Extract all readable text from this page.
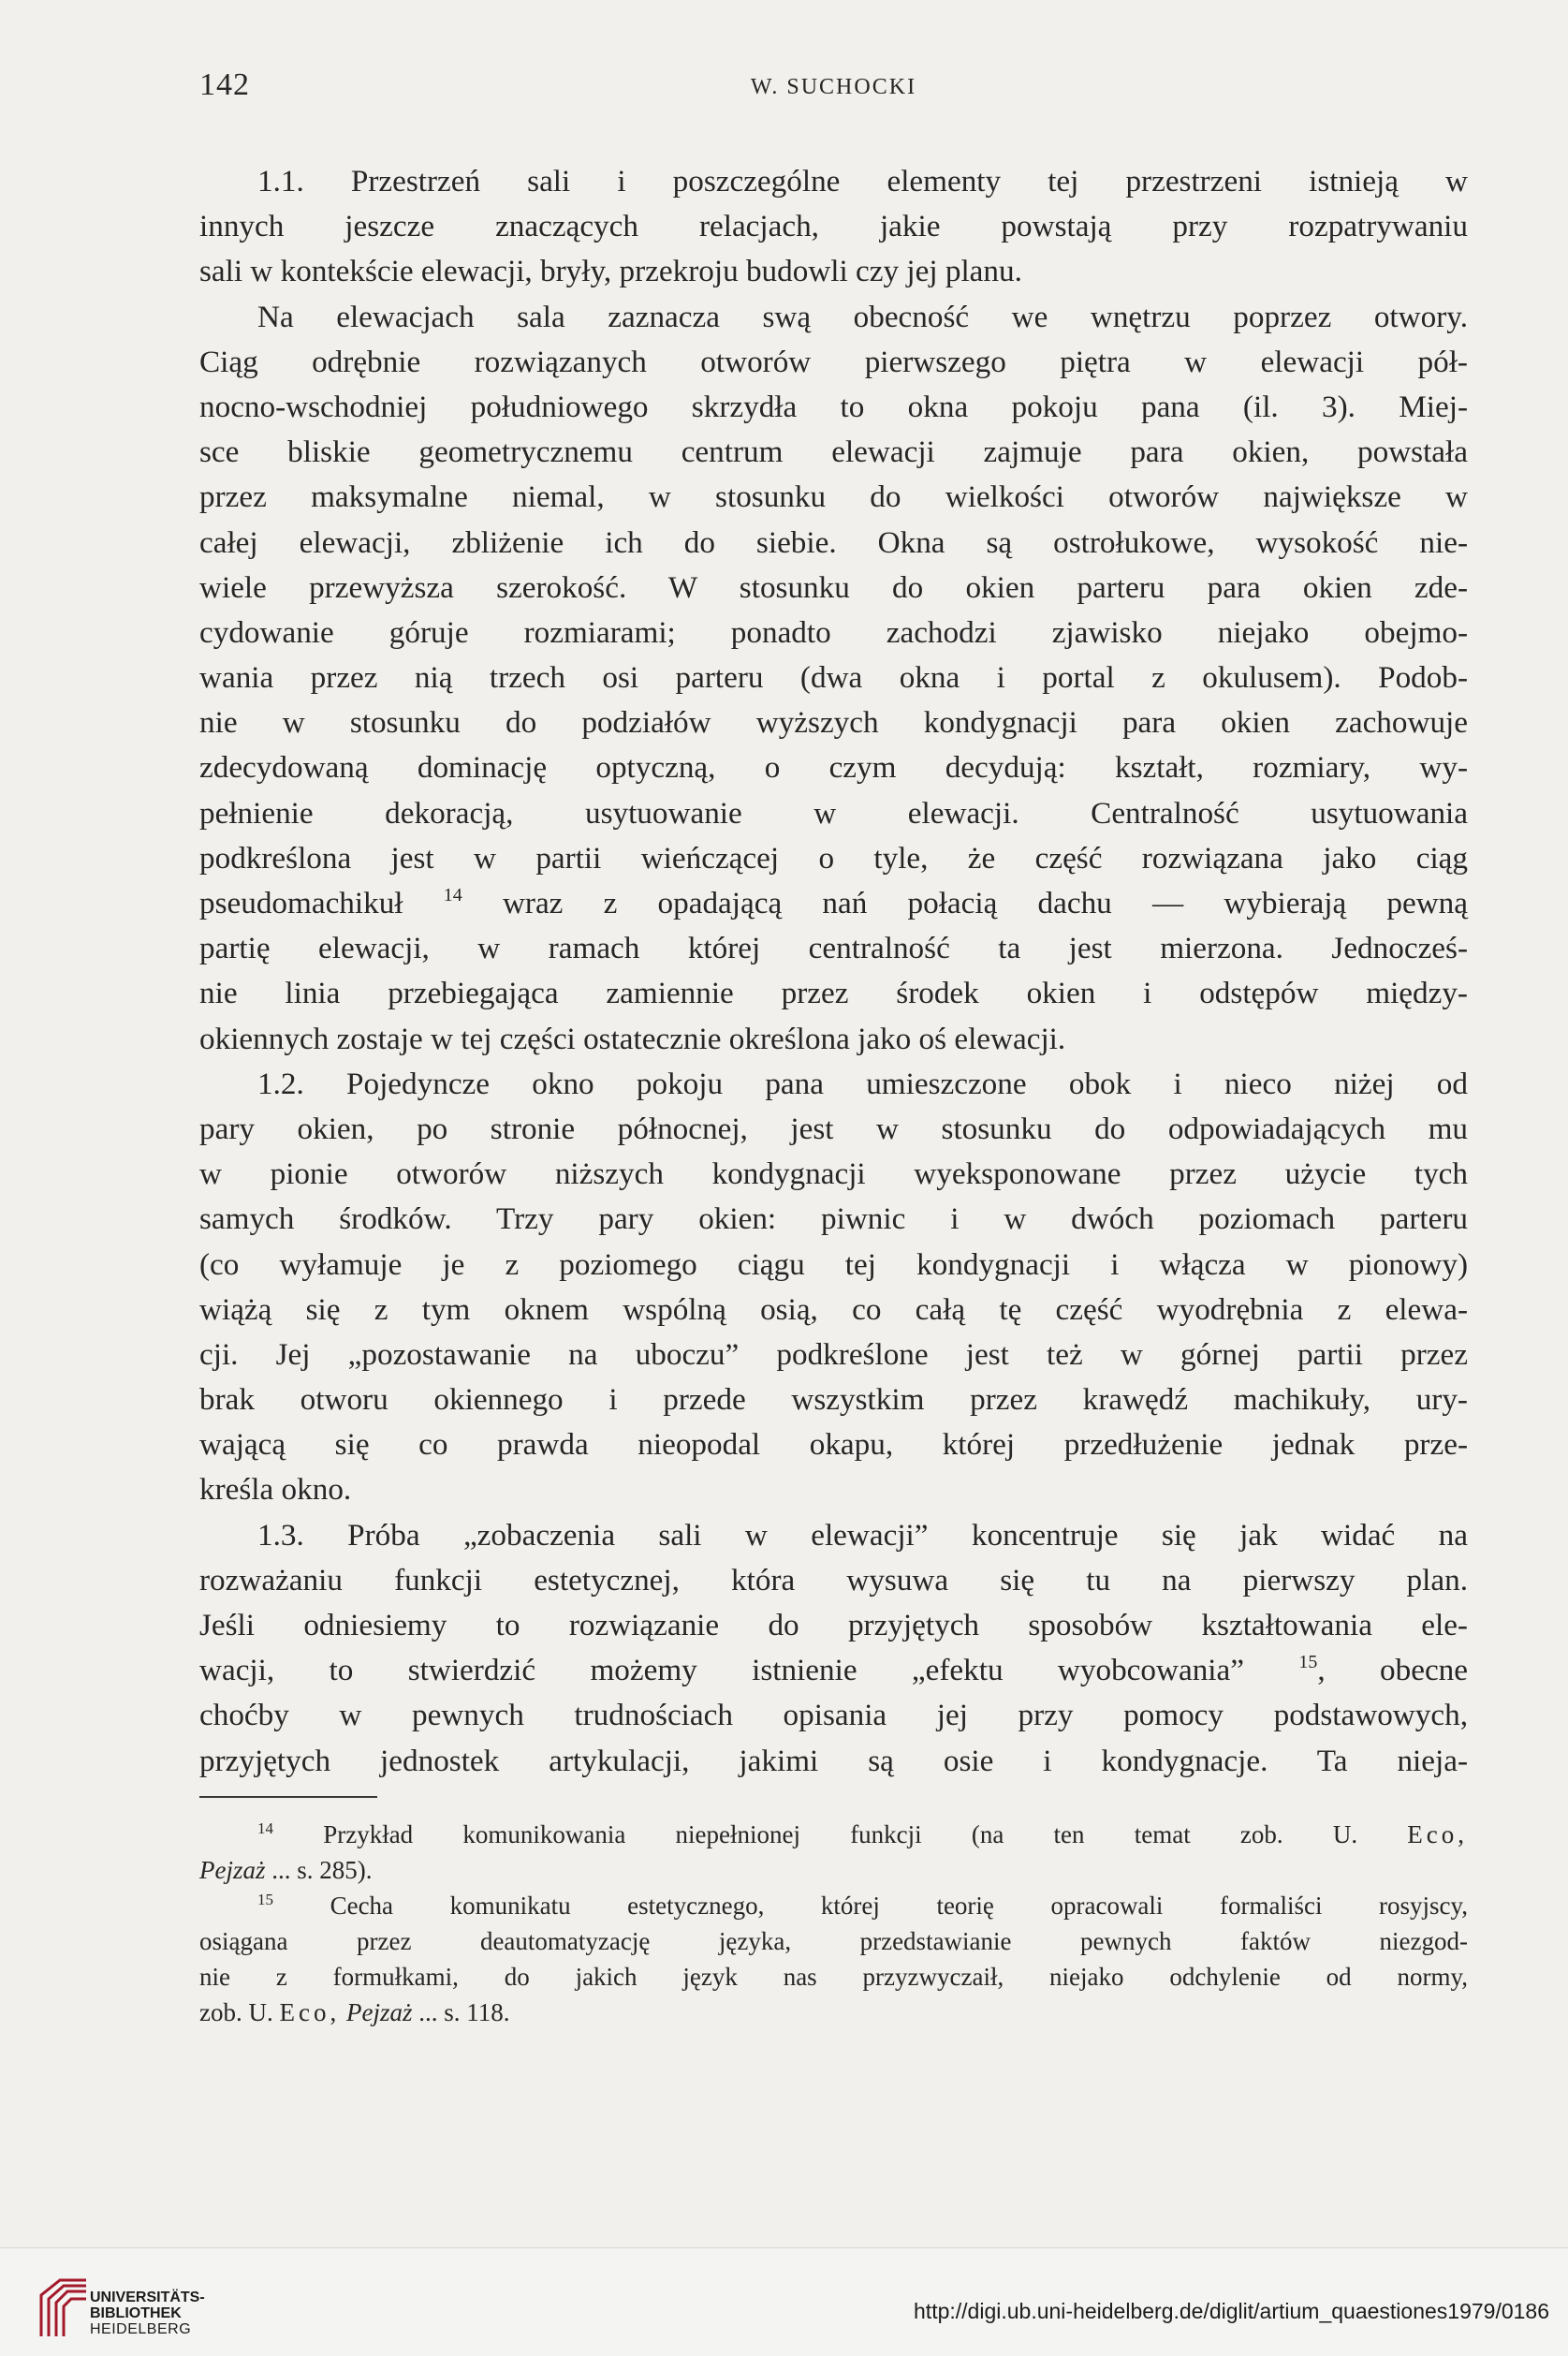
142	W. SUCHOCKI
1.1. Przestrzeń sali i poszczególne elementy tej przestrzeni istnieją w
innych jeszcze znaczących relacjach, jakie powstają przy rozpatrywaniu
sali w kontekście elewacji, bryły, przekroju budowli czy jej planu.
Na elewacjach sala zaznacza swą obecność we wnętrzu poprzez otwory.
Ciąg odrębnie rozwiązanych otworów pierwszego piętra w elewacji pół-
nocno-wschodniej południowego skrzydła to okna pokoju pana (il. 3). Miej-
sce bliskie geometrycznemu centrum elewacji zajmuje para okien, powstała
przez maksymalne niemal, w stosunku do wielkości otworów największe w
całej elewacji, zbliżenie ich do siebie. Okna są ostrołukowe, wysokość nie-
wiele przewyższa szerokość. W stosunku do okien parteru para okien zde-
cydowanie góruje rozmiarami; ponadto zachodzi zjawisko niejako obejmo-
wania przez nią trzech osi parteru (dwa okna i portal z okulusem). Podob-
nie w stosunku do podziałów wyższych kondygnacji para okien zachowuje
zdecydowaną dominację optyczną, o czym decydują: kształt, rozmiary, wy-
pełnienie dekoracją, usytuowanie w elewacji. Centralność usytuowania
podkreślona jest w partii wieńczącej o tyle, że część rozwiązana jako ciąg
pseudomachikuł $^{14}$ wraz z opadającą nań połacią dachu — wybierają pewną
partię elewacji, w ramach której centralność ta jest mierzona. Jednocześ-
nie linia przebiegająca zamiennie przez środek okien i odstępów między-
okiennych zostaje w tej części ostatecznie określona jako oś elewacji.
1.2. Pojedyncze okno pokoju pana umieszczone obok i nieco niżej od
pary okien, po stronie północnej, jest w stosunku do odpowiadających mu
w pionie otworów niższych kondygnacji wyeksponowane przez użycie tych
samych środków. Trzy pary okien: piwnic i w dwóch poziomach parteru
(co wyłamuje je z poziomego ciągu tej kondygnacji i włącza w pionowy)
wiążą się z tym oknem wspólną osią, co całą tę część wyodrębnia z elewa-
cji. Jej „pozostawanie na uboczu” podkreślone jest też w górnej partii przez
brak otworu okiennego i przede wszystkim przez krawędź machikuły, ury-
wającą się co prawda nieopodal okapu, której przedłużenie jednak prze-
kreśla okno.
1.3. Próba „zobaczenia sali w elewacji” koncentruje się jak widać na
rozważaniu funkcji estetycznej, która wysuwa się tu na pierwszy plan.
Jeśli odniesiemy to rozwiązanie do przyjętych sposobów kształtowania ele-
wacji, to stwierdzić możemy istnienie „efektu wyobcowania”	$^{15}$, obecne
choćby w pewnych trudnościach opisania jej przy pomocy podstawowych,
przyjętych jednostek artykulacji, jakimi są osie i kondygnacje. Ta nieja-
$^{14}$ Przykład komunikowania niepełnionej funkcji (na ten temat zob. U. Eco,
Pejzaż ... s. 285).
$^{15}$ Cecha komunikatu estetycznego, której teorię opracowali formaliści rosyjscy,
osiągana przez deautomatyzację języka, przedstawianie pewnych faktów niezgod-
nie z formułkami, do jakich język nas przyzwyczaił, niejako odchylenie od normy,
zob. U. Eco, Pejzaż ... s. 118.
UNIVERSITÄTS-
BIBLIOTHEK
HEIDELBERG
http://digi.ub.uni-heidelberg.de/diglit/artium_quaestiones1979/0186
